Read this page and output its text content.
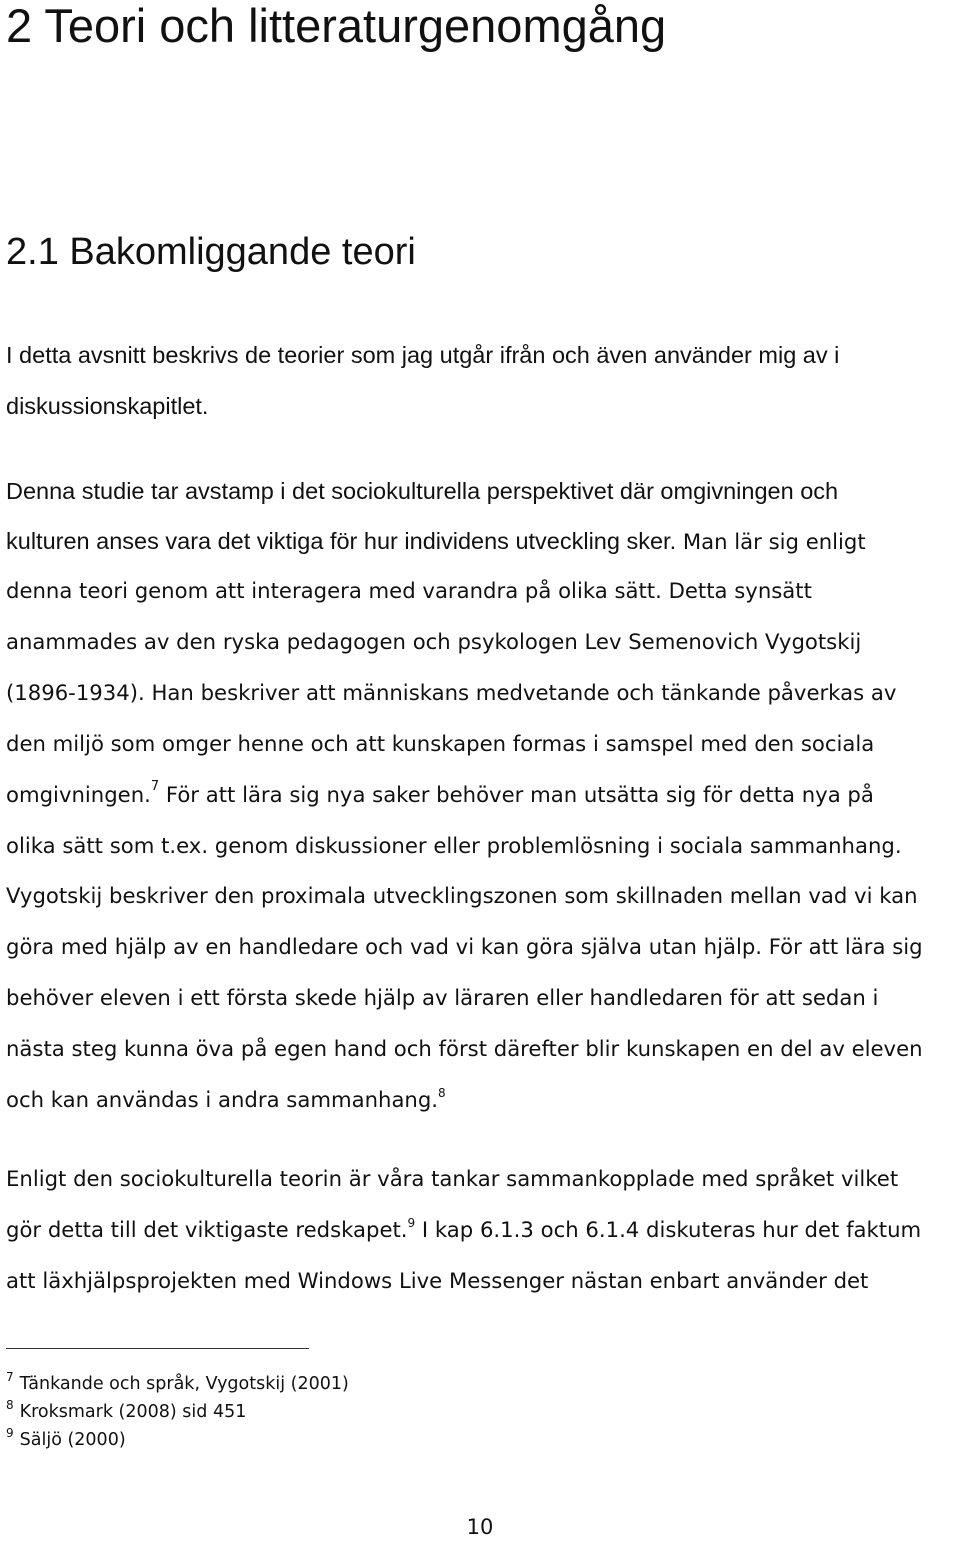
2 Teori och litteraturgenomgång
2.1 Bakomliggande teori
I detta avsnitt beskrivs de teorier som jag utgår ifrån och även använder mig av i
diskussionskapitlet.
Denna studie tar avstamp i det sociokulturella perspektivet där omgivningen och
kulturen anses vara det viktiga för hur individens utveckling sker. Man lär sig enligt
denna teori genom att interagera med varandra på olika sätt. Detta synsätt
anammades av den ryska pedagogen och psykologen Lev Semenovich Vygotskij
(1896-1934). Han beskriver att människans medvetande och tänkande påverkas av
den miljö som omger henne och att kunskapen formas i samspel med den sociala
omgivningen.$^7$ För att lära sig nya saker behöver man utsätta sig för detta nya på
olika sätt som t.ex. genom diskussioner eller problemlösning i sociala sammanhang.
Vygotskij beskriver den proximala utvecklingszonen som skillnaden mellan vad vi kan
göra med hjälp av en handledare och vad vi kan göra själva utan hjälp. För att lära sig
behöver eleven i ett första skede hjälp av läraren eller handledaren för att sedan i
nästa steg kunna öva på egen hand och först därefter blir kunskapen en del av eleven
och kan användas i andra sammanhang.$^8$
Enligt den sociokulturella teorin är våra tankar sammankopplade med språket vilket
gör detta till det viktigaste redskapet.$^9$ I kap 6.1.3 och 6.1.4 diskuteras hur det faktum
att läxhjälpsprojekten med Windows Live Messenger nästan enbart använder det
$^7$ Tänkande och språk, Vygotskij (2001)
$^8$ Kroksmark (2008) sid 451
$^9$ Säljö (2000)
10
